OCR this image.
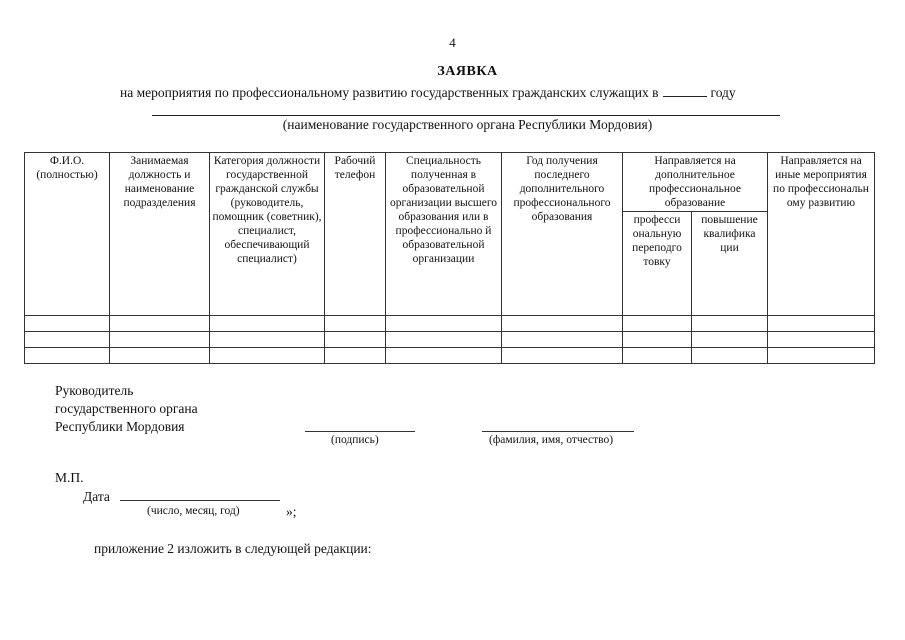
4
ЗАЯВКА
на мероприятия по профессиональному развитию государственных гражданских служащих в	году
(наименование государственного органа Республики Мордовия)
Ф.И.О. (полностью)	Занимаемая должность и наименование подразделения	Категория должности государственной гражданской службы (руководитель, помощник (советник), специалист, обеспечивающий специалист)	Рабочий телефон	Специальность полученная в образовательной организации высшего образования или в профессионально й образовательной организации	Год получения последнего дополнительного профессионального образования	Направляется на дополнительное профессиональное образование		Направляется на иные мероприятия по профессиональн ому развитию
						професси ональную переподго товку	повышение квалифика ции	

Руководитель
государственного органа
Республики Мордовия
(подпись)	(фамилия, имя, отчество)
М.П.
Дата
(число, месяц, год)	»;
приложение 2 изложить в следующей редакции:
